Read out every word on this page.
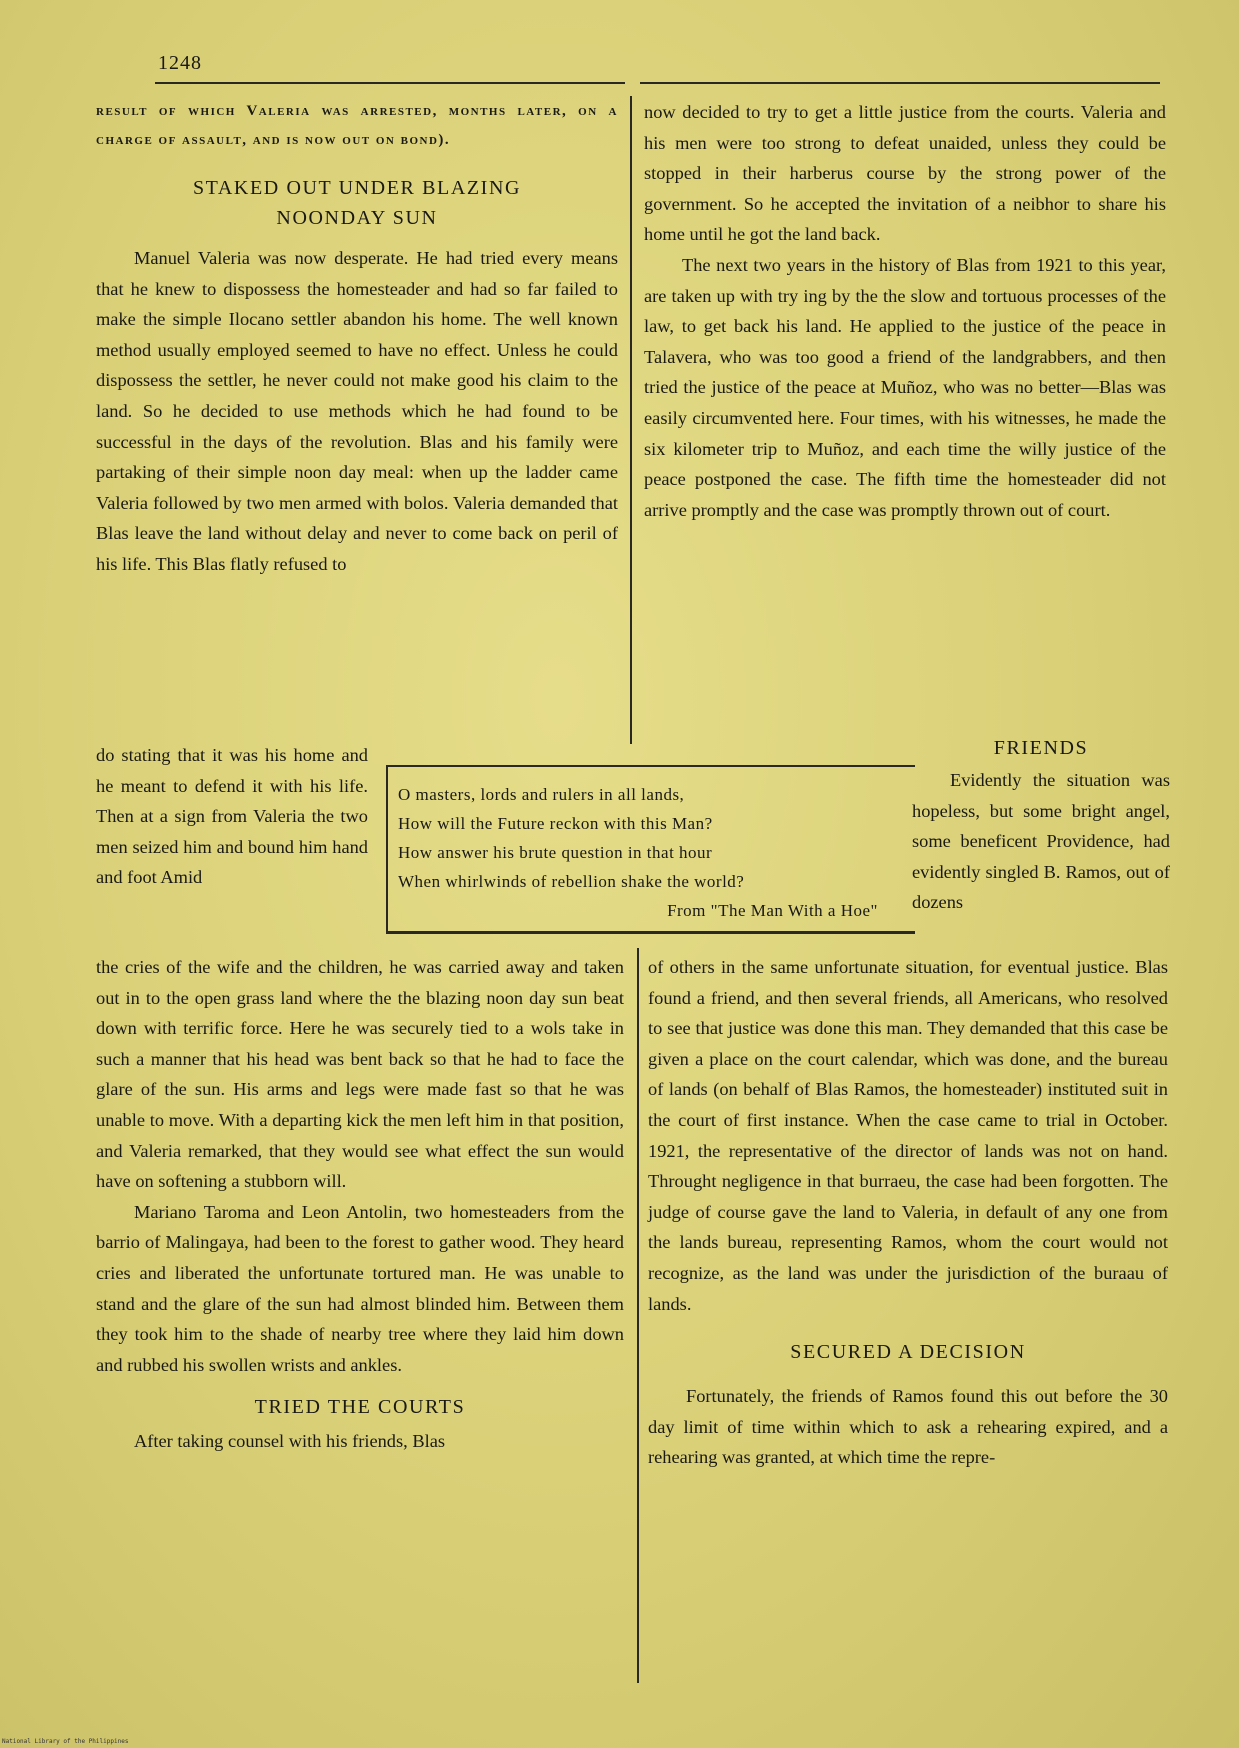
1248

result of which Valeria was arrested, months later, on a charge of assault, and is now out on bond).

STAKED OUT UNDER BLAZING
NOONDAY SUN

Manuel Valeria was now desperate. He had tried every means that he knew to dispossess the homesteader and had so far failed to make the simple Ilocano settler abandon his home. The well known method usually employed seemed to have no effect. Unless he could dispossess the settler, he never could not make good his claim to the land. So he decided to use methods which he had found to be successful in the days of the revolution. Blas and his family were partaking of their simple noon day meal: when up the ladder came Valeria followed by two men armed with bolos. Valeria demanded that Blas leave the land without delay and never to come back on peril of his life. This Blas flatly refused to

do stating that it was his home and he meant to defend it with his life. Then at a sign from Valeria the two men seized him and bound him hand and foot Amid

O masters, lords and rulers in all lands,
How will the Future reckon with this Man?
How answer his brute question in that hour
When whirlwinds of rebellion shake the world?
From "The Man With a Hoe"

the cries of the wife and the children, he was carried away and taken out in to the open grass land where the the blazing noon day sun beat down with terrific force. Here he was securely tied to a wols take in such a manner that his head was bent back so that he had to face the glare of the sun. His arms and legs were made fast so that he was unable to move. With a departing kick the men left him in that position, and Valeria remarked, that they would see what effect the sun would have on softening a stubborn will.

Mariano Taroma and Leon Antolin, two homesteaders from the barrio of Malingaya, had been to the forest to gather wood. They heard cries and liberated the unfortunate tortured man. He was unable to stand and the glare of the sun had almost blinded him. Between them they took him to the shade of nearby tree where they laid him down and rubbed his swollen wrists and ankles.

TRIED THE COURTS

After taking counsel with his friends, Blas

now decided to try to get a little justice from the courts. Valeria and his men were too strong to defeat unaided, unless they could be stopped in their harberus course by the strong power of the government. So he accepted the invitation of a neibhor to share his home until he got the land back.

The next two years in the history of Blas from 1921 to this year, are taken up with try ing by the the slow and tortuous processes of the law, to get back his land. He applied to the justice of the peace in Talavera, who was too good a friend of the landgrabbers, and then tried the justice of the peace at Muñoz, who was no better—Blas was easily circumvented here. Four times, with his witnesses, he made the six kilometer trip to Muñoz, and each time the willy justice of the peace postponed the case. The fifth time the homesteader did not arrive promptly and the case was promptly thrown out of court.

FRIENDS

Evidently the situation was hopeless, but some bright angel, some beneficent Providence, had evidently singled B. Ramos, out of dozens

of others in the same unfortunate situation, for eventual justice. Blas found a friend, and then several friends, all Americans, who resolved to see that justice was done this man. They demanded that this case be given a place on the court calendar, which was done, and the bureau of lands (on behalf of Blas Ramos, the homesteader) instituted suit in the court of first instance. When the case came to trial in October. 1921, the representative of the director of lands was not on hand. Throught negligence in that burraeu, the case had been forgotten. The judge of course gave the land to Valeria, in default of any one from the lands bureau, representing Ramos, whom the court would not recognize, as the land was under the jurisdiction of the buraau of lands.

SECURED A DECISION

Fortunately, the friends of Ramos found this out before the 30 day limit of time within which to ask a rehearing expired, and a rehearing was granted, at which time the repre-

National Library of the Philippines
